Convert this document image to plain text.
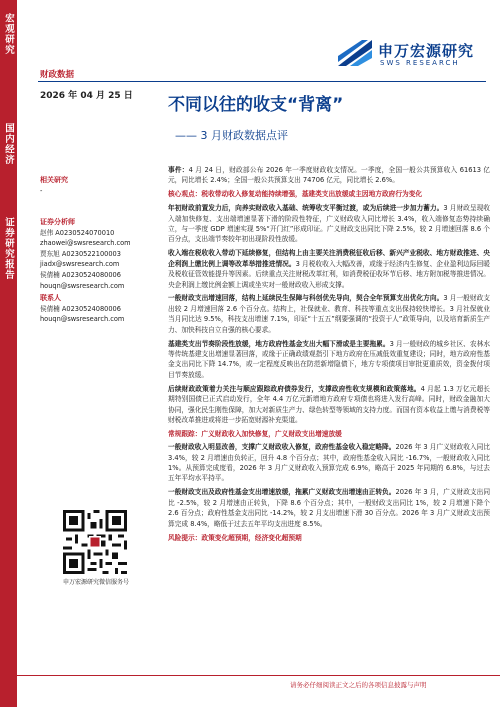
宏观研究
国内经济
证券研究报告
申万宏源研究
SWS RESEARCH
财政数据
2026 年 04 月 25 日 不同以往的收支“背离”
—— 3 月财政数据点评
相关研究
-
证券分析师
赵伟 A0230524070010
zhaowei@swsresearch.com
贾东旭 A0230522100003
jiadx@swsresearch.com
侯倩楠 A0230524080006
houqn@swsresearch.com
联系人
侯倩楠 A0230524080006
houqn@swsresearch.com
申万宏源研究微信服务号

事件：4 月 24 日，财政部公布 2026 年一季度财政收支情况。一季度，全国一般公共预算收入 61613 亿元，同比增长 2.4%；全国一般公共预算支出 74706 亿元，同比增长 2.6%。

核心观点：税收带动收入修复动能持续增强，基建类支出放缓或主因地方政府行为变化

年初财政前置发力后，向养实财政收入基础、统筹收支平衡过渡，或为后续进一步加力蓄力。3 月财政呈现收入端加快修复、支出端增速显著下滑的阶段性特征，广义财政收入同比增长 3.4%，收入端修复态势持续确立，与一季度 GDP 增速实现 5%“开门红”形成印证。广义财政支出同比下降 2.5%，较 2 月增速回落 8.6 个百分点，支出端节奏较年初出现阶段性放缓。

收入端在税收收入带动下延续修复，但结构上由主要关注消费税征收后移、新兴产业税收、地方财政推进、央企利润上缴比例上调等改革举措推进情况。3 月税收收入大幅改善，或缘于经济内生修复、企业盈利边际回暖及税收征管效能提升等因素。后续重点关注财税改革红利，如消费税征收环节后移、地方附加税等推进情况。央企利润上缴比例金额上调或坐实对一般财政收入形成支撑。

一般财政支出增速回落，结构上延续民生保障与科创优先导向，契合全年预算支出优化方向。3 月一般财政支出较 2 月增速回落 2.6 个百分点。结构上，社保就业、教育、科技等重点支出保持较快增长。3 月社保就业当月同比达 9.5%，科技支出增速 7.1%，印证“十五五”纲要强调的“投资于人”政策导向，以及培育新质生产力、加快科技自立自强的核心要求。

基建类支出节奏阶段性放缓，地方政府性基金支出大幅下滑或是主要拖累。3 月一般财政的城乡社区、农林水等传统基建支出增速显著回落，或缘于正确政绩观指引下地方政府在压减低效重复建设；同时，地方政府性基金支出同比下降 14.7%，或一定程度反映出在防范新增隐债下，地方专项债项目审批更重质效，资金拨付项目节奏放缓。

后续财政政策着力关注与顺应跟踪政府债券发行，支撑政府性收支规模和政策落地。4 月起 1.3 万亿元超长期特别国债已正式启动发行，全年 4.4 万亿元新增地方政府专项债也将进入发行高峰。同时，财政金融加大协同，强化民生刚性保障，加大对新质生产力、绿色转型等领域的支持力度。而国有资本收益上缴与消费税等财税改革推进或将进一步拓宽财源补充渠道。

常规跟踪：广义财政收入加快修复，广义财政支出增速放缓

一般财政收入明显改善，支撑广义财政收入修复，政府性基金收入稳定略降。2026 年 3 月广义财政收入同比 3.4%，较 2 月增速由负转正，回升 4.8 个百分点；其中，政府性基金收入同比 -16.7%，一般财政收入同比 1%。从预算完成度看，2026 年 3 月广义财政收入预算完成 6.9%，略高于 2025 年同期的 6.8%，与过去五年平均水平持平。

一般财政支出及政府性基金支出增速放缓，拖累广义财政支出增速由正转负。2026 年 3 月，广义财政支出同比 -2.5%，较 2 月增速由正转负，下降 8.6 个百分点；其中，一般财政支出同比 1%，较 2 月增速下降个 2.6 百分点；政府性基金支出同比 -14.2%，较 2 月支出增速下滑 30 百分点。2026 年 3 月广义财政支出预算完成 8.4%，略低于过去五年平均支出进度 8.5%。

风险提示：政策变化超预期，经济变化超预期

请务必仔细阅读正文之后的各项信息披露与声明
